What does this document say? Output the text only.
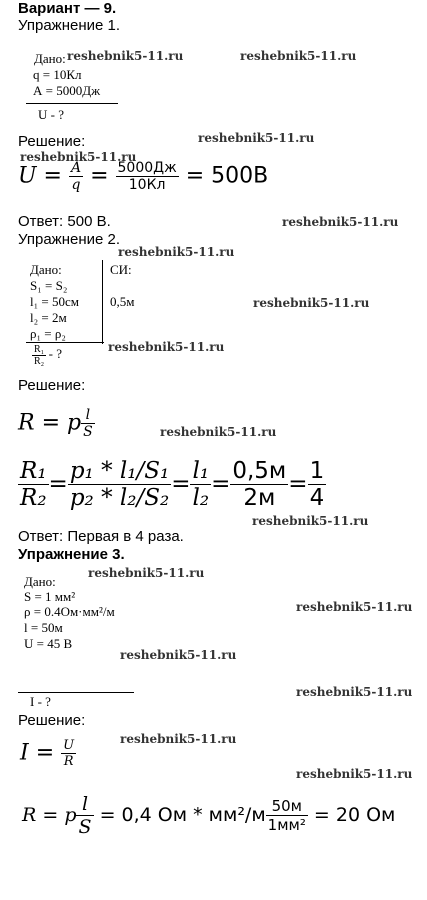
Вариант — 9.
Упражнение 1.
Дано: reshebnik5-11.ru	reshebnik5-11.ru
q = 10Кл
А = 5000Дж
U - ?
Решение:	reshebnik5-11.ru
reshebnik5-11.ru
$U = \frac{A}{q} = \frac{5000Дж}{10Кл} = 500В$
Ответ: 500 В.	reshebnik5-11.ru
Упражнение 2.
reshebnik5-11.ru
Дано:	СИ:
S₁ = S₂
l₁ = 50см 0,5м	reshebnik5-11.ru
l₂ = 2м
ρ₁ = ρ₂
reshebnik5-11.ru
$\frac{\text{R₁}}{\text{R₂}}$ - ?
Решение:
R = p $\frac{l}{S}$	reshebnik5-11.ru
$\frac{\text{R₁}}{\text{R₂}} = \frac{\text{p₁ * l₁/S₁}}{\text{p₂ * l₂/S₂}} = \frac{\text{l₁}}{\text{l₂}} = \frac{0,5м}{2м} = \frac{1}{4}$
reshebnik5-11.ru
Ответ: Первая в 4 раза.
Упражнение 3.
reshebnik5-11.ru
Дано:
S = 1 мм²
ρ = 0.4Ом·мм²/м	reshebnik5-11.ru
l = 50м
U = 45 В
reshebnik5-11.ru
reshebnik5-11.ru
I - ?
Решение:
reshebnik5-11.ru
$I = \frac{U}{R}$
reshebnik5-11.ru
R = p $\frac{l}{S} = 0,4$ Ом * $мм^2/м \frac{50м}{\text{1мм²}} = 20$ Ом
